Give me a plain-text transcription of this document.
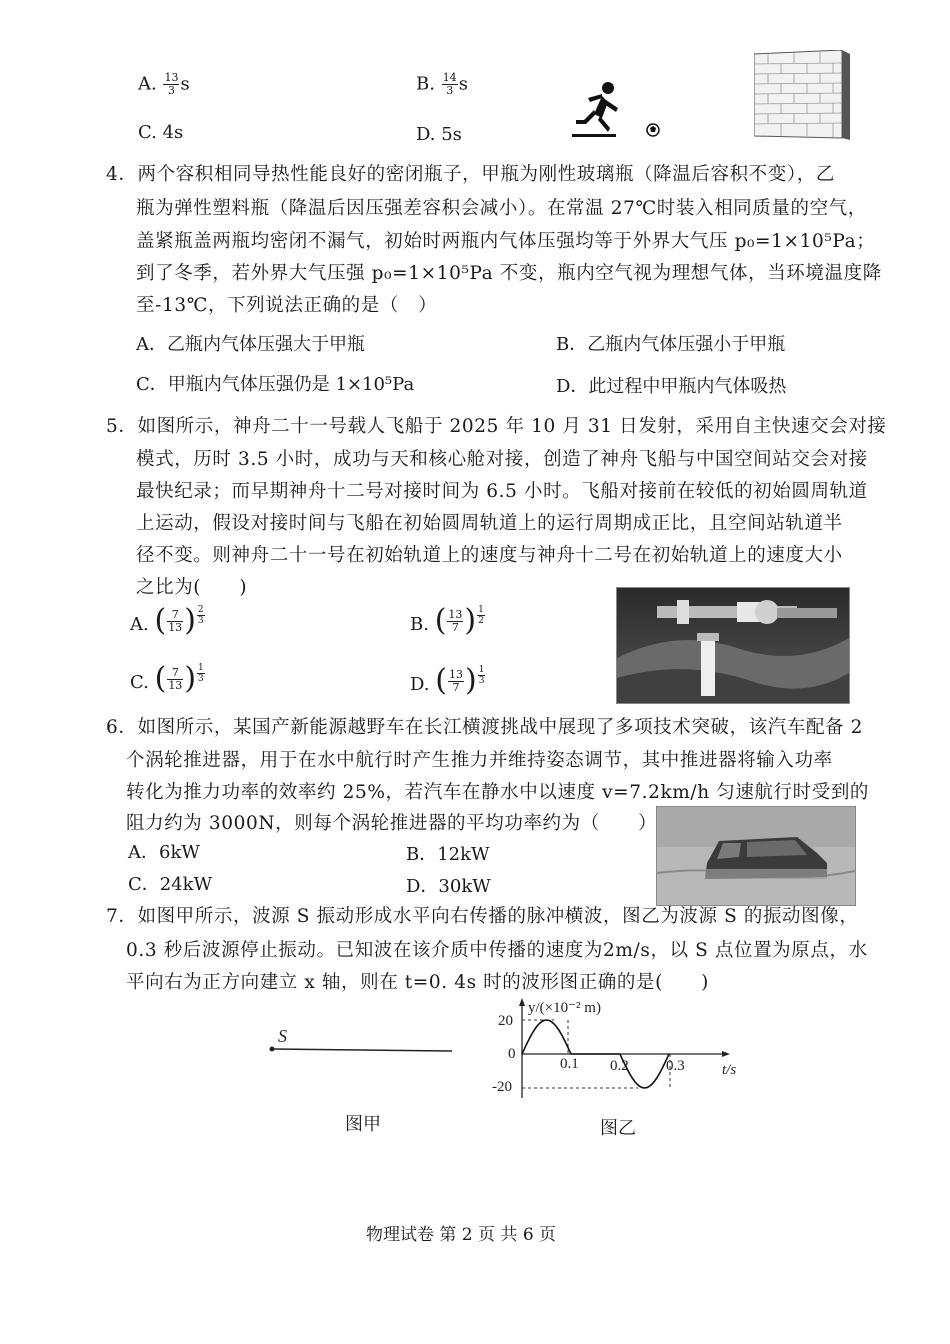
A. $\frac{13}{3}$ s	B. $\frac{14}{3}$ s
C. 4s	D. 5s
4．两个容积相同导热性能良好的密闭瓶子，甲瓶为刚性玻璃瓶（降温后容积不变），乙
瓶为弹性塑料瓶（降温后因压强差容积会减小）。在常温 27℃时装入相同质量的空气，
盖紧瓶盖两瓶均密闭不漏气，初始时两瓶内气体压强均等于外界大气压 p₀=1×10⁵Pa；
到了冬季，若外界大气压强 p₀=1×10⁵Pa 不变，瓶内空气视为理想气体，当环境温度降
至-13℃，下列说法正确的是（　）
A．乙瓶内气体压强大于甲瓶	B．乙瓶内气体压强小于甲瓶
C．甲瓶内气体压强仍是 1×10⁵Pa	D．此过程中甲瓶内气体吸热
5．如图所示，神舟二十一号载人飞船于 2025 年 10 月 31 日发射，采用自主快速交会对接
模式，历时 3.5 小时，成功与天和核心舱对接，创造了神舟飞船与中国空间站交会对接
最快纪录；而早期神舟十二号对接时间为 6.5 小时。飞船对接前在较低的初始圆周轨道
上运动，假设对接时间与飞船在初始圆周轨道上的运行周期成正比，且空间站轨道半
径不变。则神舟二十一号在初始轨道上的速度与神舟十二号在初始轨道上的速度大小
之比为(　　)
A. ( $\frac{7}{13}$ ) $\frac{2}{3}$	B. ( $\frac{13}{7}$ ) $\frac{1}{2}$
C. ( $\frac{7}{13}$ ) $\frac{1}{3}$
D. ( $\frac{13}{7}$ ) $\frac{1}{3}$
6．如图所示，某国产新能源越野车在长江横渡挑战中展现了多项技术突破，该汽车配备 2
个涡轮推进器，用于在水中航行时产生推力并维持姿态调节，其中推进器将输入功率
转化为推力功率的效率约 25%，若汽车在静水中以速度 v=7.2km/h 匀速航行时受到的
阻力约为 3000N，则每个涡轮推进器的平均功率约为（　　）
A．6kW	B．12kW
C．24kW	D．30kW
7．如图甲所示，波源 S 振动形成水平向右传播的脉冲横波，图乙为波源 S 的振动图像，
0.3 秒后波源停止振动。已知波在该介质中传播的速度为2m/s，以 S 点位置为原点，水
平向右为正方向建立 x 轴，则在 t=0. 4s 时的波形图正确的是(　　)
S
图甲
y/(×10⁻² m)
t/s
20
0
-20
0.1 0.2 0.3
图乙
物理试卷 第 2 页 共 6 页
